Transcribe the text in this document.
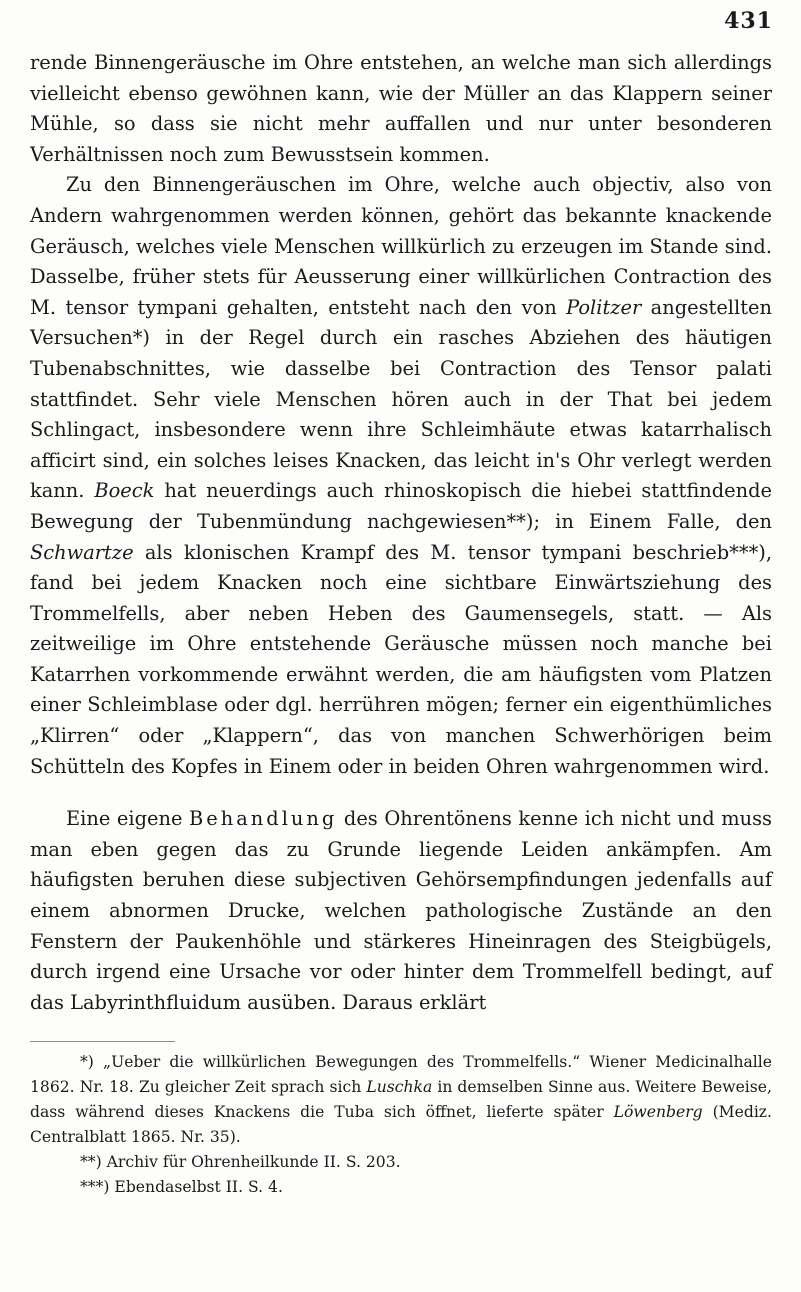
431

rende Binnengeräusche im Ohre entstehen, an welche man sich allerdings vielleicht ebenso gewöhnen kann, wie der Müller an das Klappern seiner Mühle, so dass sie nicht mehr auffallen und nur unter besonderen Verhältnissen noch zum Bewusstsein kommen.

Zu den Binnengeräuschen im Ohre, welche auch objectiv, also von Andern wahrgenommen werden können, gehört das bekannte knackende Geräusch, welches viele Menschen willkürlich zu erzeugen im Stande sind. Dasselbe, früher stets für Aeusserung einer willkürlichen Contraction des M. tensor tympani gehalten, entsteht nach den von Politzer angestellten Versuchen*) in der Regel durch ein rasches Abziehen des häutigen Tubenabschnittes, wie dasselbe bei Contraction des Tensor palati stattfindet. Sehr viele Menschen hören auch in der That bei jedem Schlingact, insbesondere wenn ihre Schleimhäute etwas katarrhalisch afficirt sind, ein solches leises Knacken, das leicht in's Ohr verlegt werden kann. Boeck hat neuerdings auch rhinoskopisch die hiebei stattfindende Bewegung der Tubenmündung nachgewiesen**); in Einem Falle, den Schwartze als klonischen Krampf des M. tensor tympani beschrieb***), fand bei jedem Knacken noch eine sichtbare Einwärtsziehung des Trommelfells, aber neben Heben des Gaumensegels, statt. — Als zeitweilige im Ohre entstehende Geräusche müssen noch manche bei Katarrhen vorkommende erwähnt werden, die am häufigsten vom Platzen einer Schleimblase oder dgl. herrühren mögen; ferner ein eigenthümliches „Klirren“ oder „Klappern“, das von manchen Schwerhörigen beim Schütteln des Kopfes in Einem oder in beiden Ohren wahrgenommen wird.

Eine eigene Behandlung des Ohrentönens kenne ich nicht und muss man eben gegen das zu Grunde liegende Leiden ankämpfen. Am häufigsten beruhen diese subjectiven Gehörsempfindungen jedenfalls auf einem abnormen Drucke, welchen pathologische Zustände an den Fenstern der Paukenhöhle und stärkeres Hineinragen des Steigbügels, durch irgend eine Ursache vor oder hinter dem Trommelfell bedingt, auf das Labyrinthfluidum ausüben. Daraus erklärt

*) „Ueber die willkürlichen Bewegungen des Trommelfells.“ Wiener Medicinalhalle 1862. Nr. 18. Zu gleicher Zeit sprach sich Luschka in demselben Sinne aus. Weitere Beweise, dass während dieses Knackens die Tuba sich öffnet, lieferte später Löwenberg (Mediz. Centralblatt 1865. Nr. 35).

**) Archiv für Ohrenheilkunde II. S. 203.

***) Ebendaselbst II. S. 4.
